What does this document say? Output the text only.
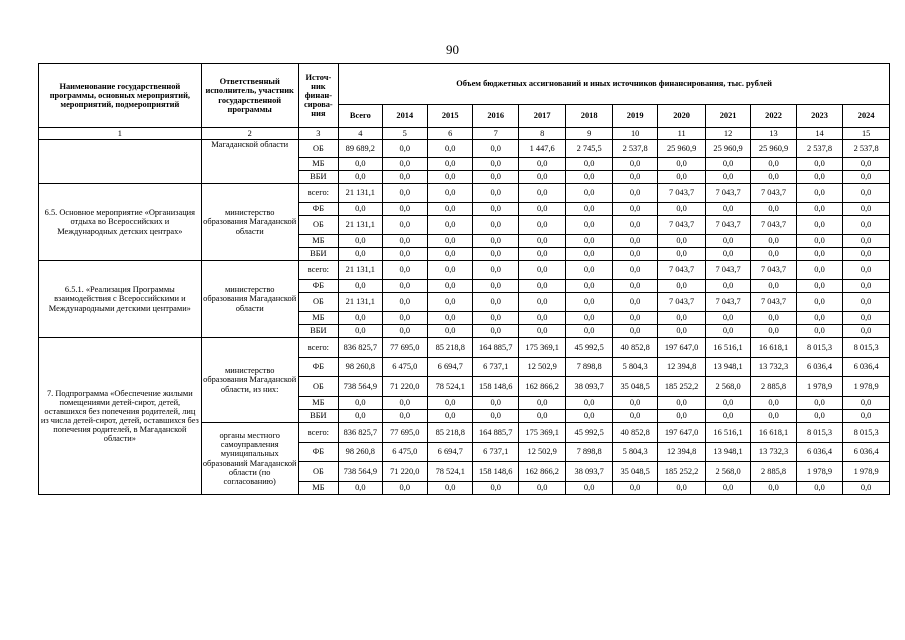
90
Наименование государственной программы, основных мероприятий, мероприятий, подмероприятий	Ответственный исполнитель, участник государственной программы	Источ-ник финан-сирова-ния	Объем бюджетных ассигнований и иных источников финансирования, тыс. рублей											
			Всего	2014	2015	2016	2017	2018	2019	2020	2021	2022	2023	2024
1	2	3	4	5	6	7	8	9	10	11	12	13	14	15
	Магаданской области	ОБ	89 689,2	0,0	0,0	0,0	1 447,6	2 745,5	2 537,8	25 960,9	25 960,9	25 960,9	2 537,8	2 537,8
		МБ	0,0	0,0	0,0	0,0	0,0	0,0	0,0	0,0	0,0	0,0	0,0	0,0
		ВБИ	0,0	0,0	0,0	0,0	0,0	0,0	0,0	0,0	0,0	0,0	0,0	0,0
6.5. Основное мероприятие «Организация отдыха во Всероссийских и Международных детских центрах»	министерство образования Магаданской области	всего:	21 131,1	0,0	0,0	0,0	0,0	0,0	0,0	7 043,7	7 043,7	7 043,7	0,0	0,0
		ФБ	0,0	0,0	0,0	0,0	0,0	0,0	0,0	0,0	0,0	0,0	0,0	0,0
		ОБ	21 131,1	0,0	0,0	0,0	0,0	0,0	0,0	7 043,7	7 043,7	7 043,7	0,0	0,0
		МБ	0,0	0,0	0,0	0,0	0,0	0,0	0,0	0,0	0,0	0,0	0,0	0,0
		ВБИ	0,0	0,0	0,0	0,0	0,0	0,0	0,0	0,0	0,0	0,0	0,0	0,0
6.5.1. «Реализация Программы взаимодействия с Всероссийскими и Международными детскими центрами»	министерство образования Магаданской области	всего:	21 131,1	0,0	0,0	0,0	0,0	0,0	0,0	7 043,7	7 043,7	7 043,7	0,0	0,0
		ФБ	0,0	0,0	0,0	0,0	0,0	0,0	0,0	0,0	0,0	0,0	0,0	0,0
		ОБ	21 131,1	0,0	0,0	0,0	0,0	0,0	0,0	7 043,7	7 043,7	7 043,7	0,0	0,0
		МБ	0,0	0,0	0,0	0,0	0,0	0,0	0,0	0,0	0,0	0,0	0,0	0,0
		ВБИ	0,0	0,0	0,0	0,0	0,0	0,0	0,0	0,0	0,0	0,0	0,0	0,0
7. Подпрограмма «Обеспечение жилыми помещениями детей-сирот, детей, оставшихся без попечения родителей, лиц из числа детей-сирот, детей, оставшихся без попечения родителей, в Магаданской области»	министерство образования Магаданской области, из них:	всего:	836 825,7	77 695,0	85 218,8	164 885,7	175 369,1	45 992,5	40 852,8	197 647,0	16 516,1	16 618,1	8 015,3	8 015,3
		ФБ	98 260,8	6 475,0	6 694,7	6 737,1	12 502,9	7 898,8	5 804,3	12 394,8	13 948,1	13 732,3	6 036,4	6 036,4
		ОБ	738 564,9	71 220,0	78 524,1	158 148,6	162 866,2	38 093,7	35 048,5	185 252,2	2 568,0	2 885,8	1 978,9	1 978,9
		МБ	0,0	0,0	0,0	0,0	0,0	0,0	0,0	0,0	0,0	0,0	0,0	0,0
		ВБИ	0,0	0,0	0,0	0,0	0,0	0,0	0,0	0,0	0,0	0,0	0,0	0,0
	органы местного самоуправления муниципальных образований Магаданской области (по согласованию)	всего:	836 825,7	77 695,0	85 218,8	164 885,7	175 369,1	45 992,5	40 852,8	197 647,0	16 516,1	16 618,1	8 015,3	8 015,3
		ФБ	98 260,8	6 475,0	6 694,7	6 737,1	12 502,9	7 898,8	5 804,3	12 394,8	13 948,1	13 732,3	6 036,4	6 036,4
		ОБ	738 564,9	71 220,0	78 524,1	158 148,6	162 866,2	38 093,7	35 048,5	185 252,2	2 568,0	2 885,8	1 978,9	1 978,9
		МБ	0,0	0,0	0,0	0,0	0,0	0,0	0,0	0,0	0,0	0,0	0,0	0,0
